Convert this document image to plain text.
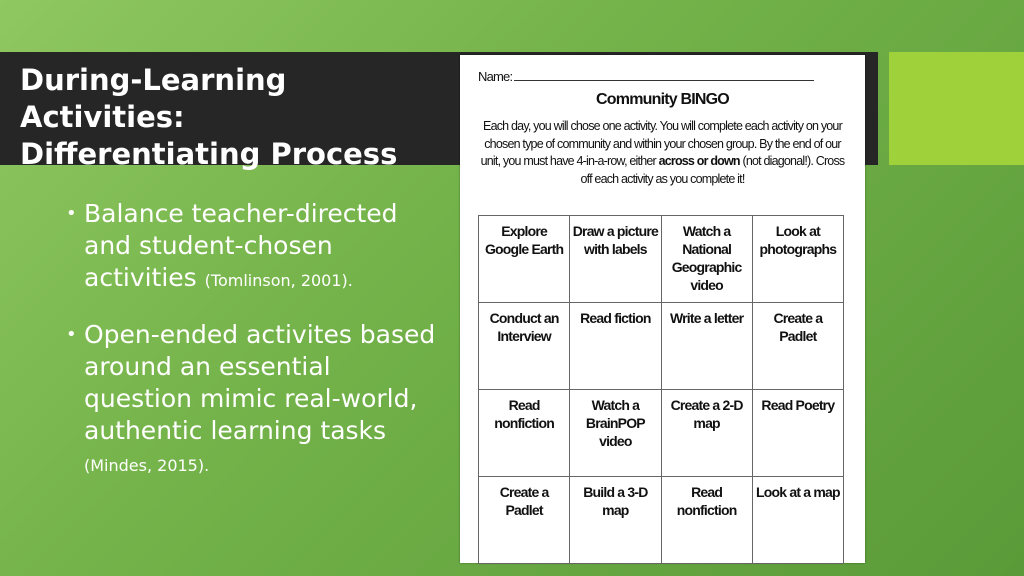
During-Learning Activities:
Differentiating Process
• Balance teacher-directed and student-chosen activities (Tomlinson, 2001).
• Open-ended activites based around an essential question mimic real-world, authentic learning tasks (Mindes, 2015).
Name:
Community BINGO
Each day, you will chose one activity. You will complete each activity on your chosen type of community and within your chosen group. By the end of our unit, you must have 4-in-a-row, either across or down (not diagonal!). Cross off each activity as you complete it!
Explore Google Earth	Draw a picture with labels	Watch a National Geographic video	Look at photographs
Conduct an Interview	Read fiction	Write a letter	Create a Padlet
Read nonfiction	Watch a BrainPOP video	Create a 2-D map	Read Poetry
Create a Padlet	Build a 3-D map	Read nonfiction	Look at a map
